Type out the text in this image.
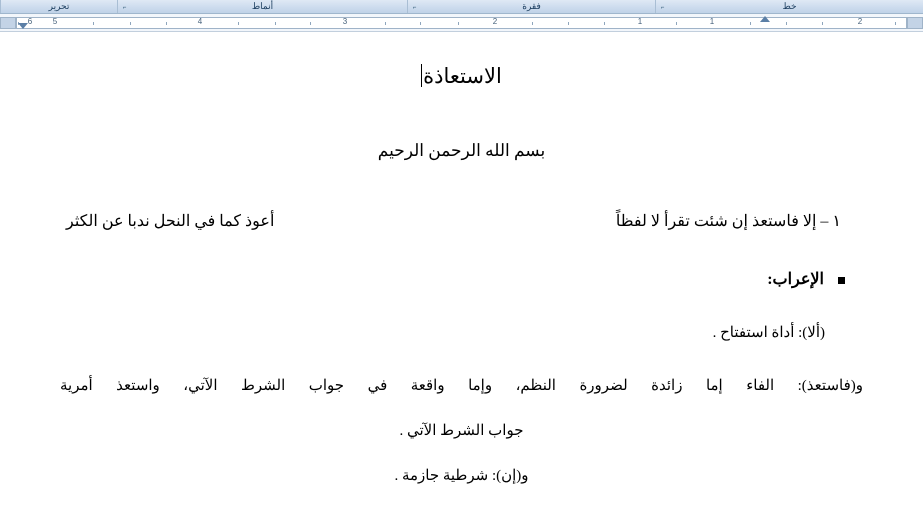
خط
⌐
فقرة
⌐
أنماط
⌐
تحرير
6	5	4	3	2	1	1	2
الاستعاذة
بسم الله الرحمن الرحيم
١ – إلا فاستعذ إن شئت تقرأ لا لفظاً
أعوذ كما في النحل ندبا عن الكثر
الإعراب:
(ألا): أداة استفتاح .
و(فاستعذ): الفاء إما زائدة لضرورة النظم، وإما واقعة في جواب الشرط الآتي، واستعذ أمرية
جواب الشرط الآتي .
و(إن): شرطية جازمة .
